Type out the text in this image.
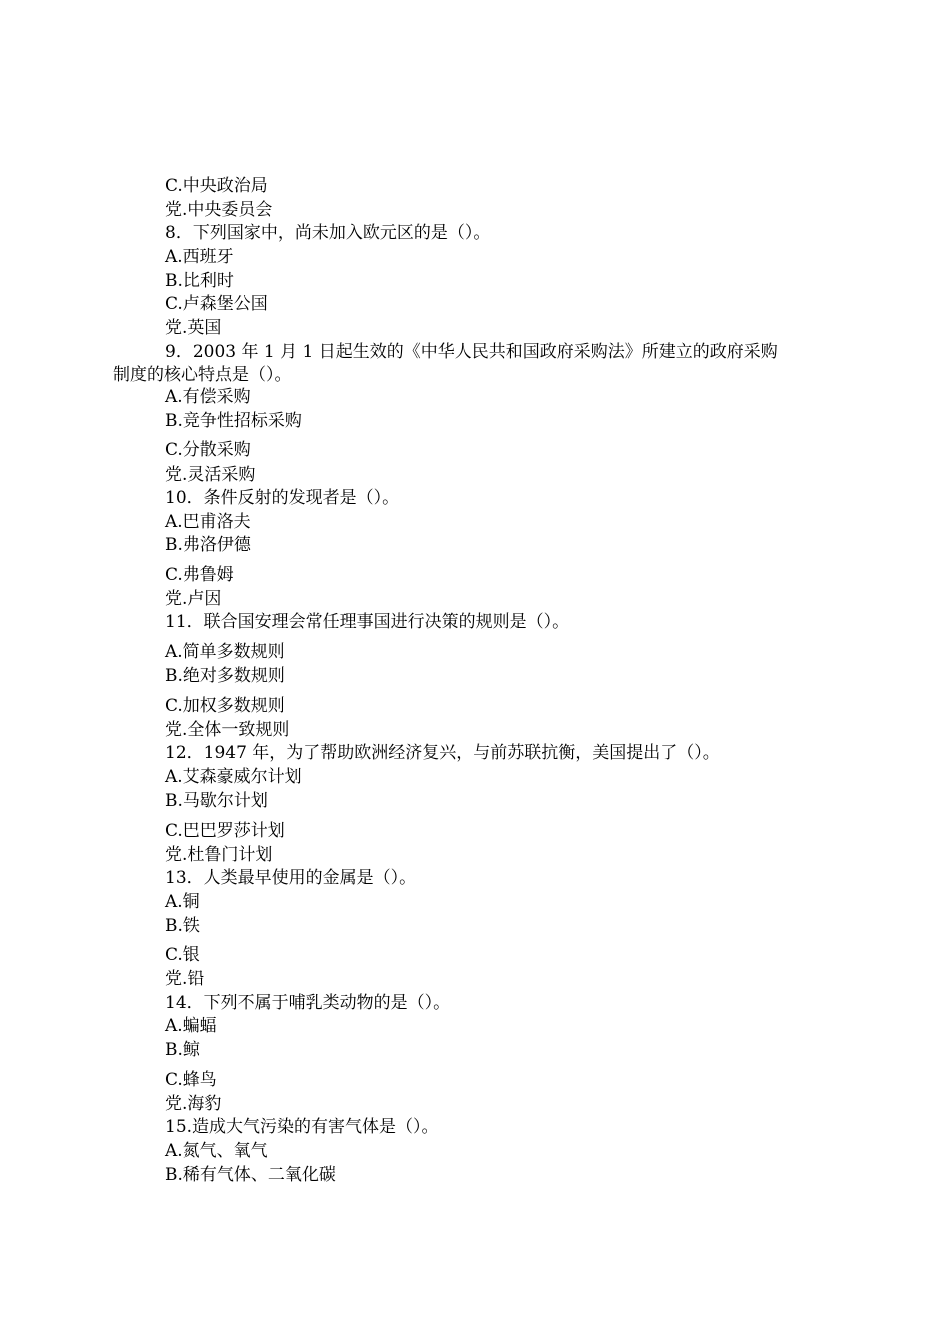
C.中央政治局
党.中央委员会
8．下列国家中，尚未加入欧元区的是（）。
A.西班牙
B.比利时
C.卢森堡公国
党.英国
9．2003 年 1 月 1 日起生效的《中华人民共和国政府采购法》所建立的政府采购
制度的核心特点是（）。
A.有偿采购
B.竞争性招标采购
C.分散采购
党.灵活采购
10．条件反射的发现者是（）。
A.巴甫洛夫
B.弗洛伊德
C.弗鲁姆
党.卢因
11．联合国安理会常任理事国进行决策的规则是（）。
A.简单多数规则
B.绝对多数规则
C.加权多数规则
党.全体一致规则
12．1947 年，为了帮助欧洲经济复兴，与前苏联抗衡，美国提出了（）。
A.艾森豪威尔计划
B.马歇尔计划
C.巴巴罗莎计划
党.杜鲁门计划
13．人类最早使用的金属是（）。
A.铜
B.铁
C.银
党.铅
14．下列不属于哺乳类动物的是（）。
A.蝙蝠
B.鲸
C.蜂鸟
党.海豹
15.造成大气污染的有害气体是（）。
A.氮气、氧气
B.稀有气体、二氧化碳
